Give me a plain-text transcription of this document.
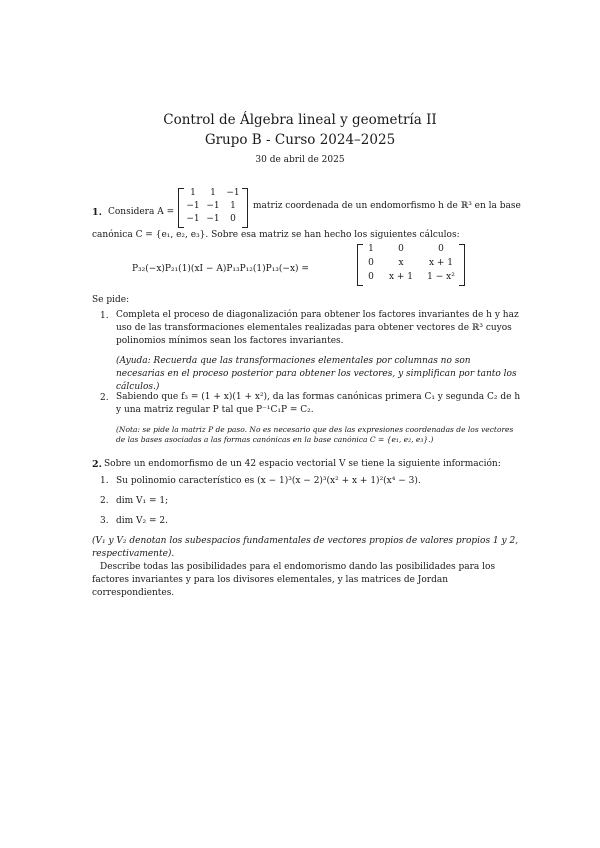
Control de Álgebra lineal y geometría II
Grupo B - Curso 2024–2025
30 de abril de 2025
1. Considera A =
1	1	−1
−1 −1	1
−1 −1	0
matriz coordenada de un endomorfismo h de ℝ³ en la base
canónica C = {e₁, e₂, e₃}. Sobre esa matriz se han hecho los siguientes cálculos:
P₃₂(−x)P₂₁(1)(xI − A)P₁₃P₁₂(1)P₁₃(−x) =
1	0	0
0	x	x + 1
0	x + 1	1 − x²
Se pide:
1. Completa el proceso de diagonalización para obtener los factores invariantes de h y haz uso de las transformaciones elementales realizadas para obtener vectores de ℝ³ cuyos polinomios mínimos sean los factores invariantes.
(Ayuda: Recuerda que las transformaciones elementales por columnas no son necesarias en el proceso posterior para obtener los vectores, y simplifican por tanto los cálculos.)
2. Sabiendo que f₃ = (1 + x)(1 + x²), da las formas canónicas primera C₁ y segunda C₂ de h y una matriz regular P tal que P⁻¹C₁P = C₂.
(Nota: se pide la matriz P de paso. No es necesario que des las expresiones coordenadas de los vectores de las bases asociadas a las formas canónicas en la base canónica C = {e₁, e₂, e₃}.)
2. Sobre un endomorfismo de un 42 espacio vectorial V se tiene la siguiente información:
1. Su polinomio característico es (x − 1)³(x − 2)³(x² + x + 1)²(x⁴ − 3).
2. dim V₁ = 1;
3. dim V₂ = 2.
(V₁ y V₂ denotan los subespacios fundamentales de vectores propios de valores propios 1 y 2, respectivamente).
Describe todas las posibilidades para el endomorismo dando las posibilidades para los factores invariantes y para los divisores elementales, y las matrices de Jordan correspondientes.
